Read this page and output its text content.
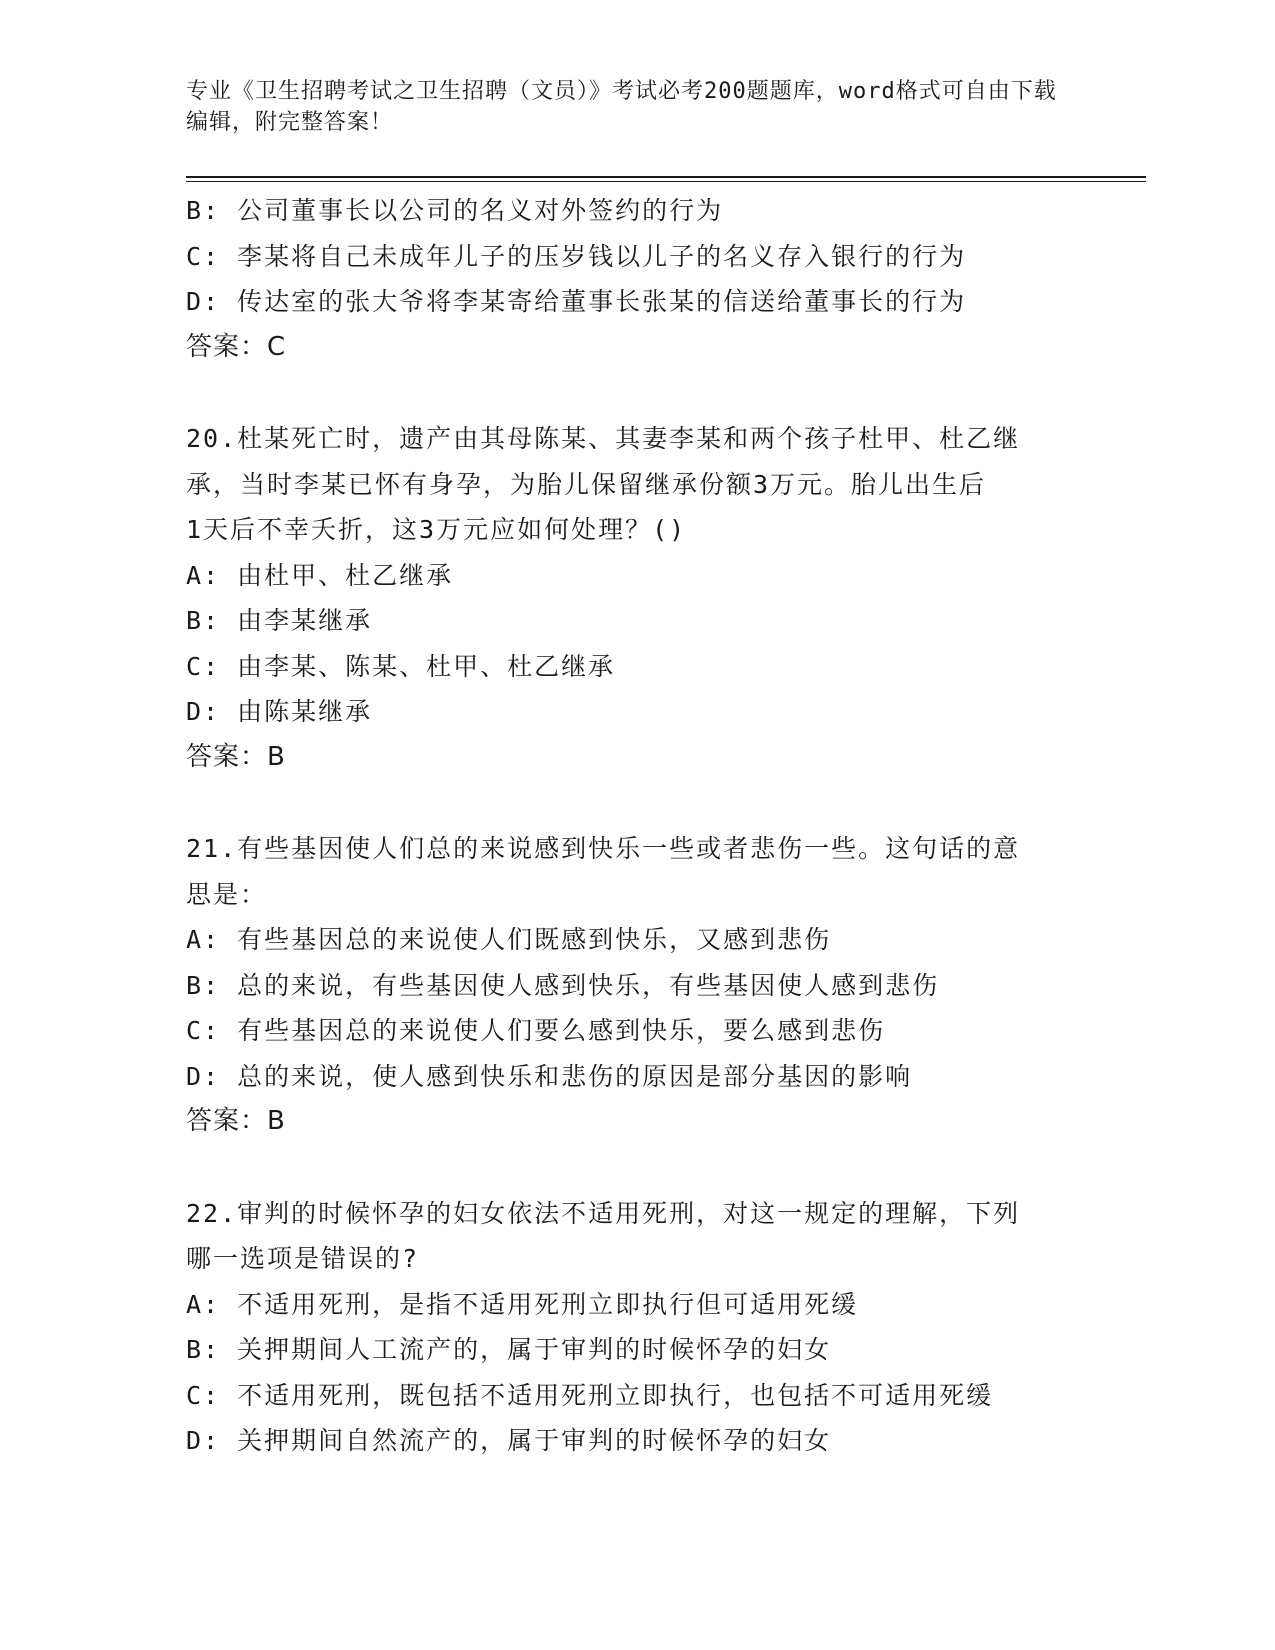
专业《卫生招聘考试之卫生招聘（文员）》考试必考200题题库，word格式可自由下载编辑，附完整答案！

B: 公司董事长以公司的名义对外签约的行为

C: 李某将自己未成年儿子的压岁钱以儿子的名义存入银行的行为

D: 传达室的张大爷将李某寄给董事长张某的信送给董事长的行为

答案：C

20.杜某死亡时，遗产由其母陈某、其妻李某和两个孩子杜甲、杜乙继

承，当时李某已怀有身孕，为胎儿保留继承份额3万元。胎儿出生后

1天后不幸夭折，这3万元应如何处理？()

A: 由杜甲、杜乙继承

B: 由李某继承

C: 由李某、陈某、杜甲、杜乙继承

D: 由陈某继承

答案：B

21.有些基因使人们总的来说感到快乐一些或者悲伤一些。这句话的意

思是：

A: 有些基因总的来说使人们既感到快乐，又感到悲伤

B: 总的来说，有些基因使人感到快乐，有些基因使人感到悲伤

C: 有些基因总的来说使人们要么感到快乐，要么感到悲伤

D: 总的来说，使人感到快乐和悲伤的原因是部分基因的影响

答案：B

22.审判的时候怀孕的妇女依法不适用死刑，对这一规定的理解，下列

哪一选项是错误的?

A: 不适用死刑，是指不适用死刑立即执行但可适用死缓

B: 关押期间人工流产的，属于审判的时候怀孕的妇女

C: 不适用死刑，既包括不适用死刑立即执行，也包括不可适用死缓

D: 关押期间自然流产的，属于审判的时候怀孕的妇女
